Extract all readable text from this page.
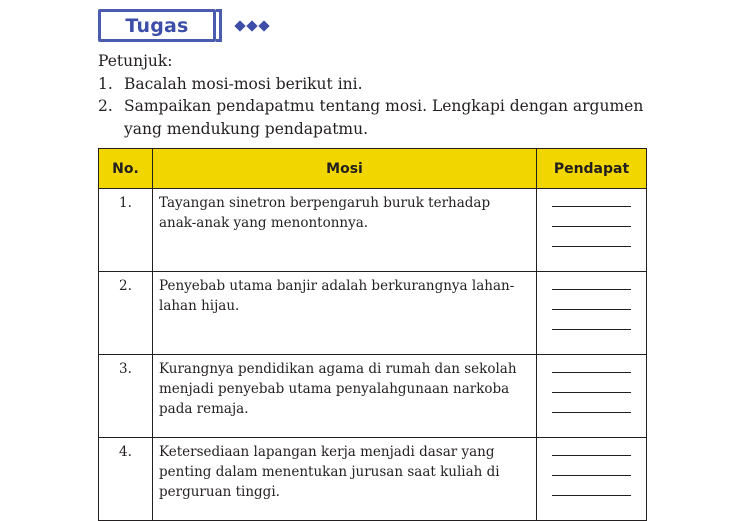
Tugas

Petunjuk:

1. Bacalah mosi-mosi berikut ini.
2. Sampaikan pendapatmu tentang mosi. Lengkapi dengan argumen yang mendukung pendapatmu.
No.	Mosi	Pendapat
1.	Tayangan sinetron berpengaruh buruk terhadap anak-anak yang menontonnya.	

2.	Penyebab utama banjir adalah berkurangnya lahan-lahan hijau.	

3.	Kurangnya pendidikan agama di rumah dan sekolah menjadi penyebab utama penyalahgunaan narkoba pada remaja.	

4.	Ketersediaan lapangan kerja menjadi dasar yang penting dalam menentukan jurusan saat kuliah di perguruan tinggi.	
